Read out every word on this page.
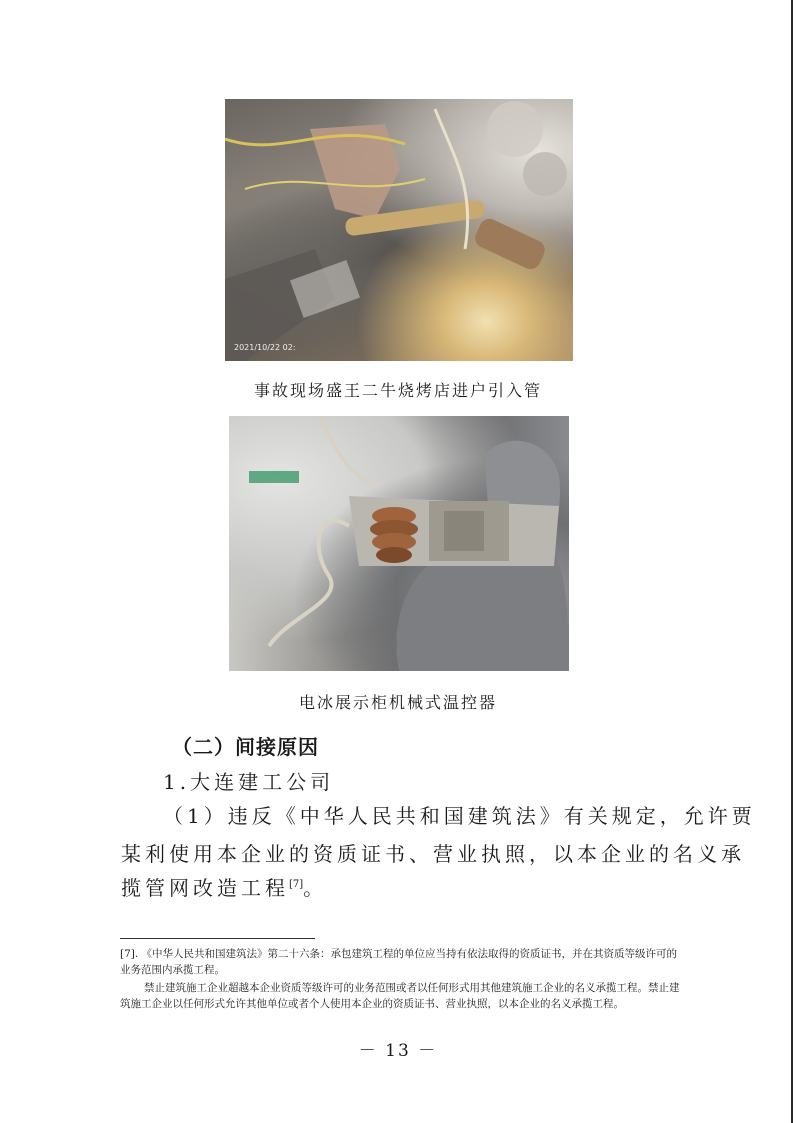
2021/10/22 02:
事故现场盛王二牛烧烤店进户引入管
电冰展示柜机械式温控器
（二）间接原因
1.大连建工公司
（1）违反《中华人民共和国建筑法》有关规定，允许贾
某利使用本企业的资质证书、营业执照，以本企业的名义承
揽管网改造工程[7]。
[7]. 《中华人民共和国建筑法》第二十六条：承包建筑工程的单位应当持有依法取得的资质证书，并在其资质等级许可的业务范围内承揽工程。
禁止建筑施工企业超越本企业资质等级许可的业务范围或者以任何形式用其他建筑施工企业的名义承揽工程。禁止建筑施工企业以任何形式允许其他单位或者个人使用本企业的资质证书、营业执照，以本企业的名义承揽工程。
－ 13 －
